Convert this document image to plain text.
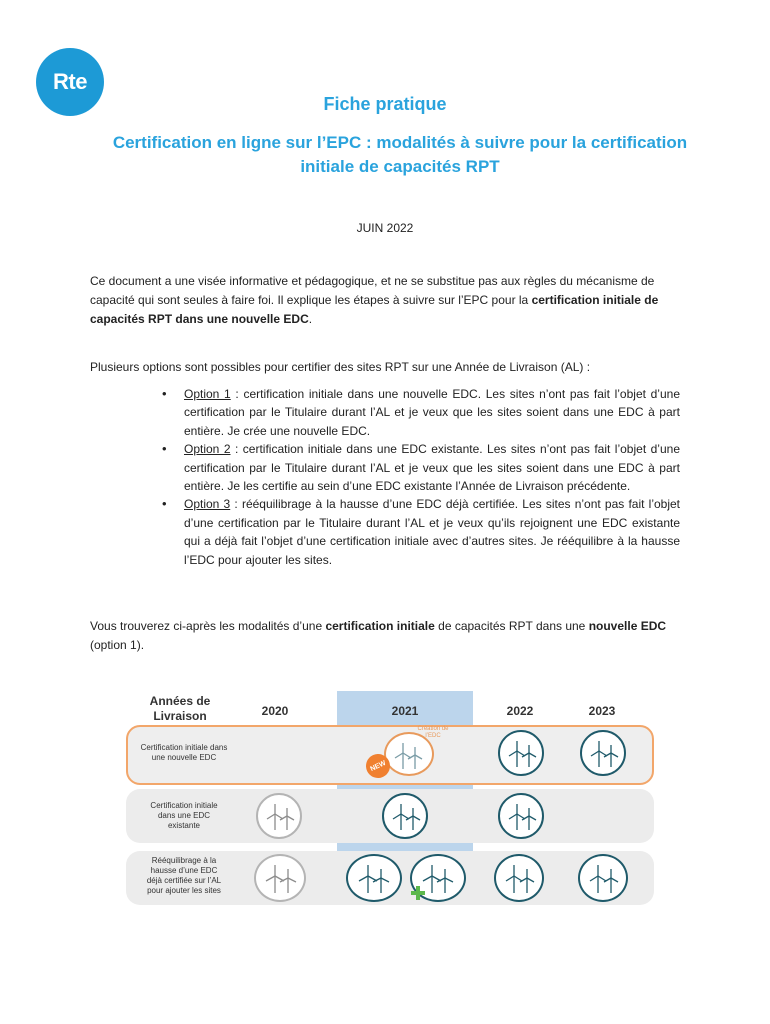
Rte
Fiche pratique
Certification en ligne sur l’EPC : modalités à suivre pour la certification initiale de capacités RPT
JUIN 2022

Ce document a une visée informative et pédagogique, et ne se substitue pas aux règles du mécanisme de capacité qui sont seules à faire foi. Il explique les étapes à suivre sur l’EPC pour la certification initiale de capacités RPT dans une nouvelle EDC.

Plusieurs options sont possibles pour certifier des sites RPT sur une Année de Livraison (AL) :

• Option 1 : certification initiale dans une nouvelle EDC. Les sites n’ont pas fait l’objet d’une certification par le Titulaire durant l’AL et je veux que les sites soient dans une EDC à part entière. Je crée une nouvelle EDC.
• Option 2 : certification initiale dans une EDC existante. Les sites n’ont pas fait l’objet d’une certification par le Titulaire durant l’AL et je veux que les sites soient dans une EDC à part entière. Je les certifie au sein d’une EDC existante l’Année de Livraison précédente.
• Option 3 : rééquilibrage à la hausse d’une EDC déjà certifiée. Les sites n’ont pas fait l’objet d’une certification par le Titulaire durant l’AL et je veux qu’ils rejoignent une EDC existante qui a déjà fait l’objet d’une certification initiale avec d’autres sites. Je rééquilibre à la hausse l’EDC pour ajouter les sites.

Vous trouverez ci-après les modalités d’une certification initiale de capacités RPT dans une nouvelle EDC (option 1).

Années de Livraison	2020	2021	2022	2023
Certification initiale dans une nouvelle EDC
Certification initiale dans une EDC existante
Rééquilibrage à la hausse d’une EDC déjà certifiée sur l’AL pour ajouter les sites
Création de l’EDC
NEW
